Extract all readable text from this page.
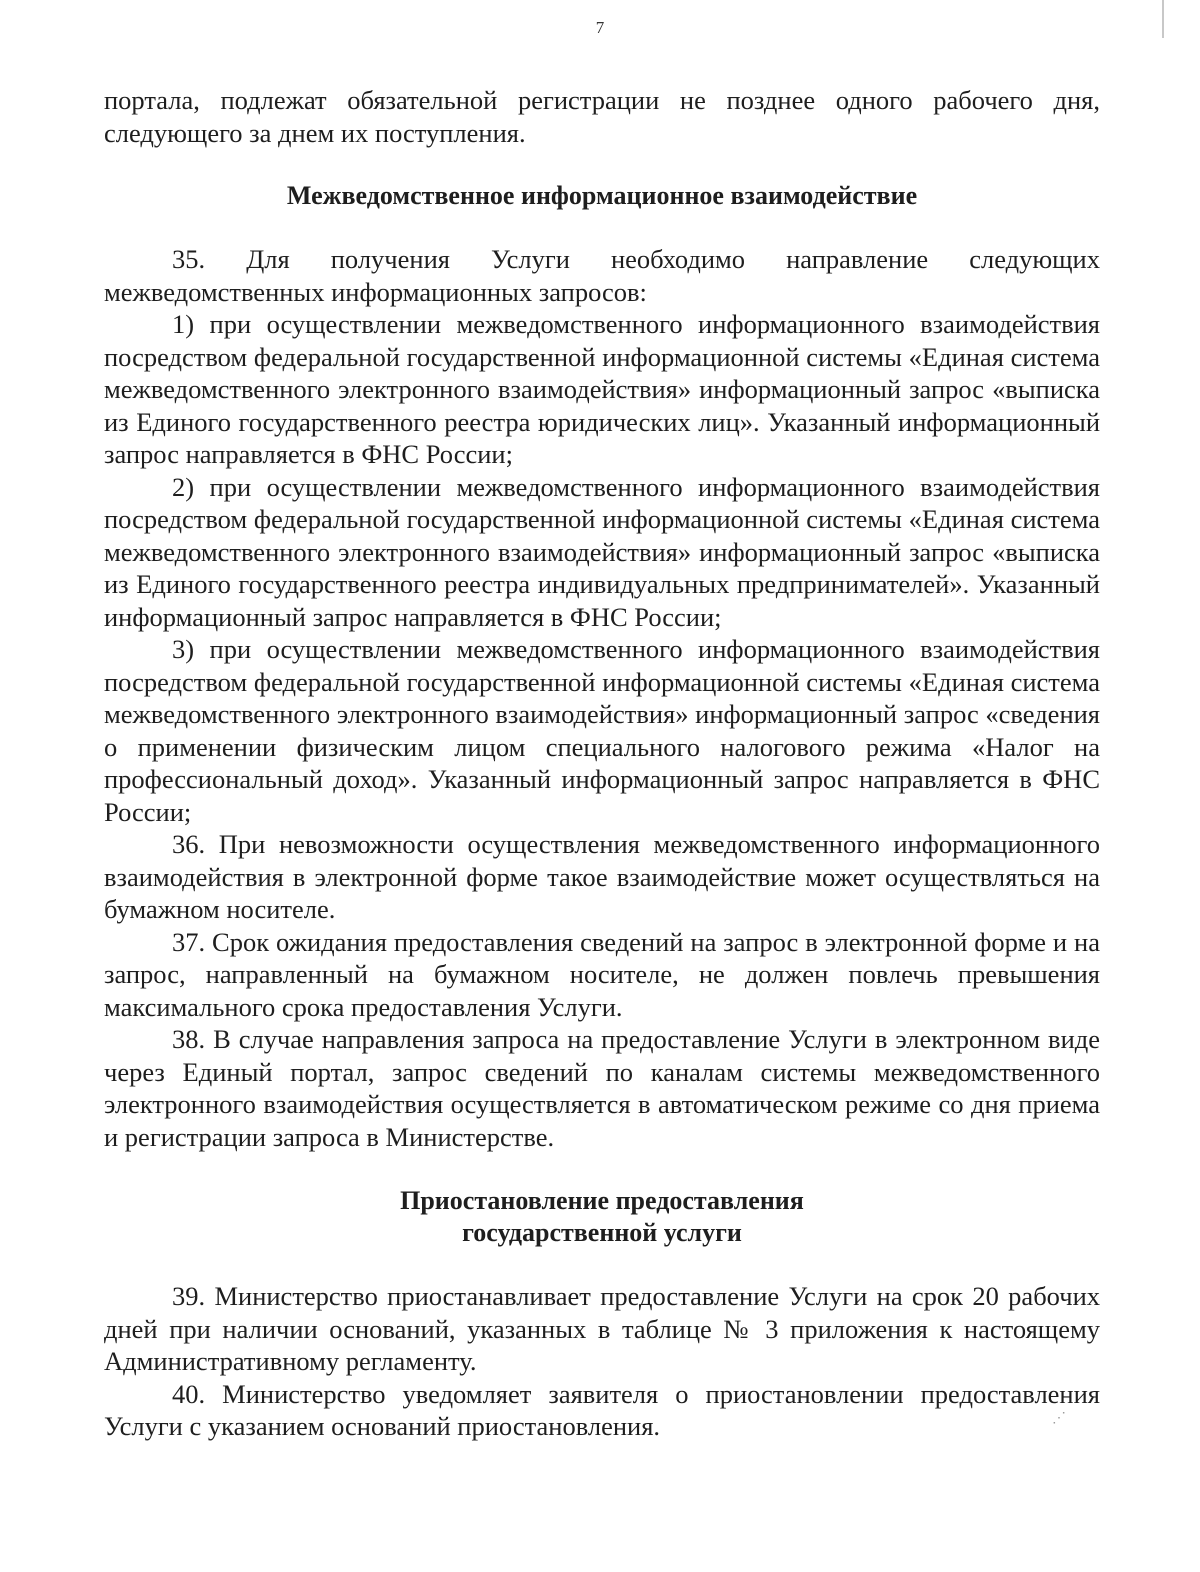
7

портала, подлежат обязательной регистрации не позднее одного рабочего дня, следующего за днем их поступления.

Межведомственное информационное взаимодействие

35. Для получения Услуги необходимо направление следующих межведомственных информационных запросов:

1) при осуществлении межведомственного информационного взаимодействия посредством федеральной государственной информационной системы «Единая система межведомственного электронного взаимодействия» информационный запрос «выписка из Единого государственного реестра юридических лиц». Указанный информационный запрос направляется в ФНС России;

2) при осуществлении межведомственного информационного взаимодействия посредством федеральной государственной информационной системы «Единая система межведомственного электронного взаимодействия» информационный запрос «выписка из Единого государственного реестра индивидуальных предпринимателей». Указанный информационный запрос направляется в ФНС России;

3) при осуществлении межведомственного информационного взаимодействия посредством федеральной государственной информационной системы «Единая система межведомственного электронного взаимодействия» информационный запрос «сведения о применении физическим лицом специального налогового режима «Налог на профессиональный доход». Указанный информационный запрос направляется в ФНС России;

36. При невозможности осуществления межведомственного информационного взаимодействия в электронной форме такое взаимодействие может осуществляться на бумажном носителе.

37. Срок ожидания предоставления сведений на запрос в электронной форме и на запрос, направленный на бумажном носителе, не должен повлечь превышения максимального срока предоставления Услуги.

38. В случае направления запроса на предоставление Услуги в электронном виде через Единый портал, запрос сведений по каналам системы межведомственного электронного взаимодействия осуществляется в автоматическом режиме со дня приема и регистрации запроса в Министерстве.

Приостановление предоставления
государственной услуги

39. Министерство приостанавливает предоставление Услуги на срок 20 рабочих дней при наличии оснований, указанных в таблице № 3 приложения к настоящему Административному регламенту.

40. Министерство уведомляет заявителя о приостановлении предоставления Услуги с указанием оснований приостановления.	⋰
